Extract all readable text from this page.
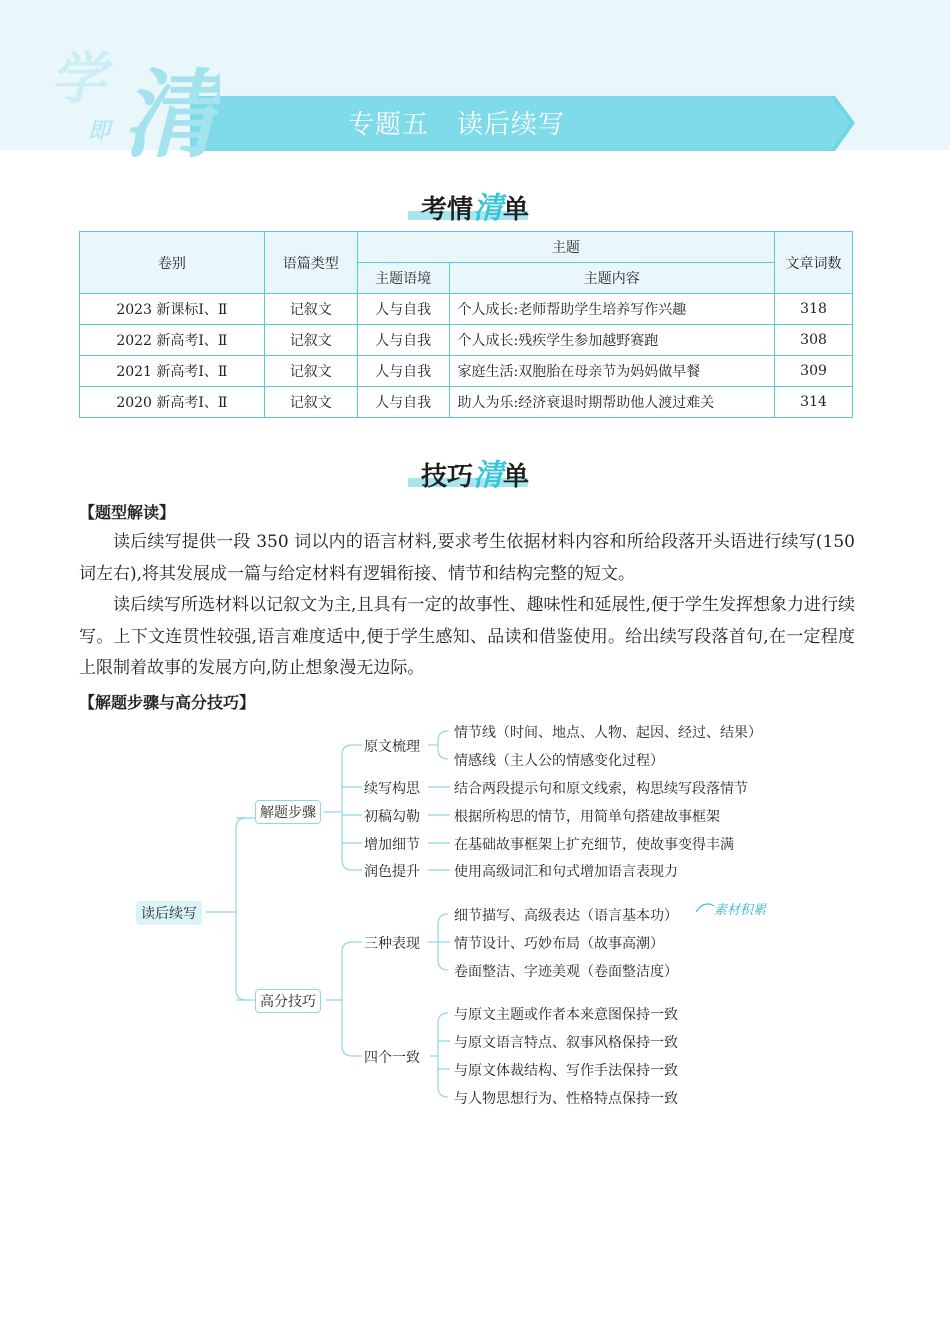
学
即 清	专题五 读后续写
考情清单
卷别	语篇类型	主题		文章词数
		主题语境	主题内容	
2023 新课标Ⅰ、Ⅱ	记叙文	人与自我	个人成长:老师帮助学生培养写作兴趣	318
2022 新高考Ⅰ、Ⅱ	记叙文	人与自我	个人成长:残疾学生参加越野赛跑	308
2021 新高考Ⅰ、Ⅱ	记叙文	人与自我	家庭生活:双胞胎在母亲节为妈妈做早餐	309
2020 新高考Ⅰ、Ⅱ	记叙文	人与自我	助人为乐:经济衰退时期帮助他人渡过难关	314
技巧清单
【题型解读】
读后续写提供一段 350 词以内的语言材料,要求考生依据材料内容和所给段落开头语进行续写(150 词左右),将其发展成一篇与给定材料有逻辑衔接、情节和结构完整的短文。
读后续写所选材料以记叙文为主,且具有一定的故事性、趣味性和延展性,便于学生发挥想象力进行续写。上下文连贯性较强,语言难度适中,便于学生感知、品读和借鉴使用。给出续写段落首句,在一定程度上限制着故事的发展方向,防止想象漫无边际。
【解题步骤与高分技巧】
读后续写
解题步骤
高分技巧
原文梳理
情节线（时间、地点、人物、起因、经过、结果）
情感线（主人公的情感变化过程）
续写构思 结合两段提示句和原文线索，构思续写段落情节
初稿勾勒 根据所构思的情节，用简单句搭建故事框架
增加细节 在基础故事框架上扩充细节，使故事变得丰满
润色提升 使用高级词汇和句式增加语言表现力
三种表现
细节描写、高级表达（语言基本功）
情节设计、巧妙布局（故事高潮）
卷面整洁、字迹美观（卷面整洁度）
素材积累
四个一致
与原文主题或作者本来意图保持一致
与原文语言特点、叙事风格保持一致
与原文体裁结构、写作手法保持一致
与人物思想行为、性格特点保持一致
